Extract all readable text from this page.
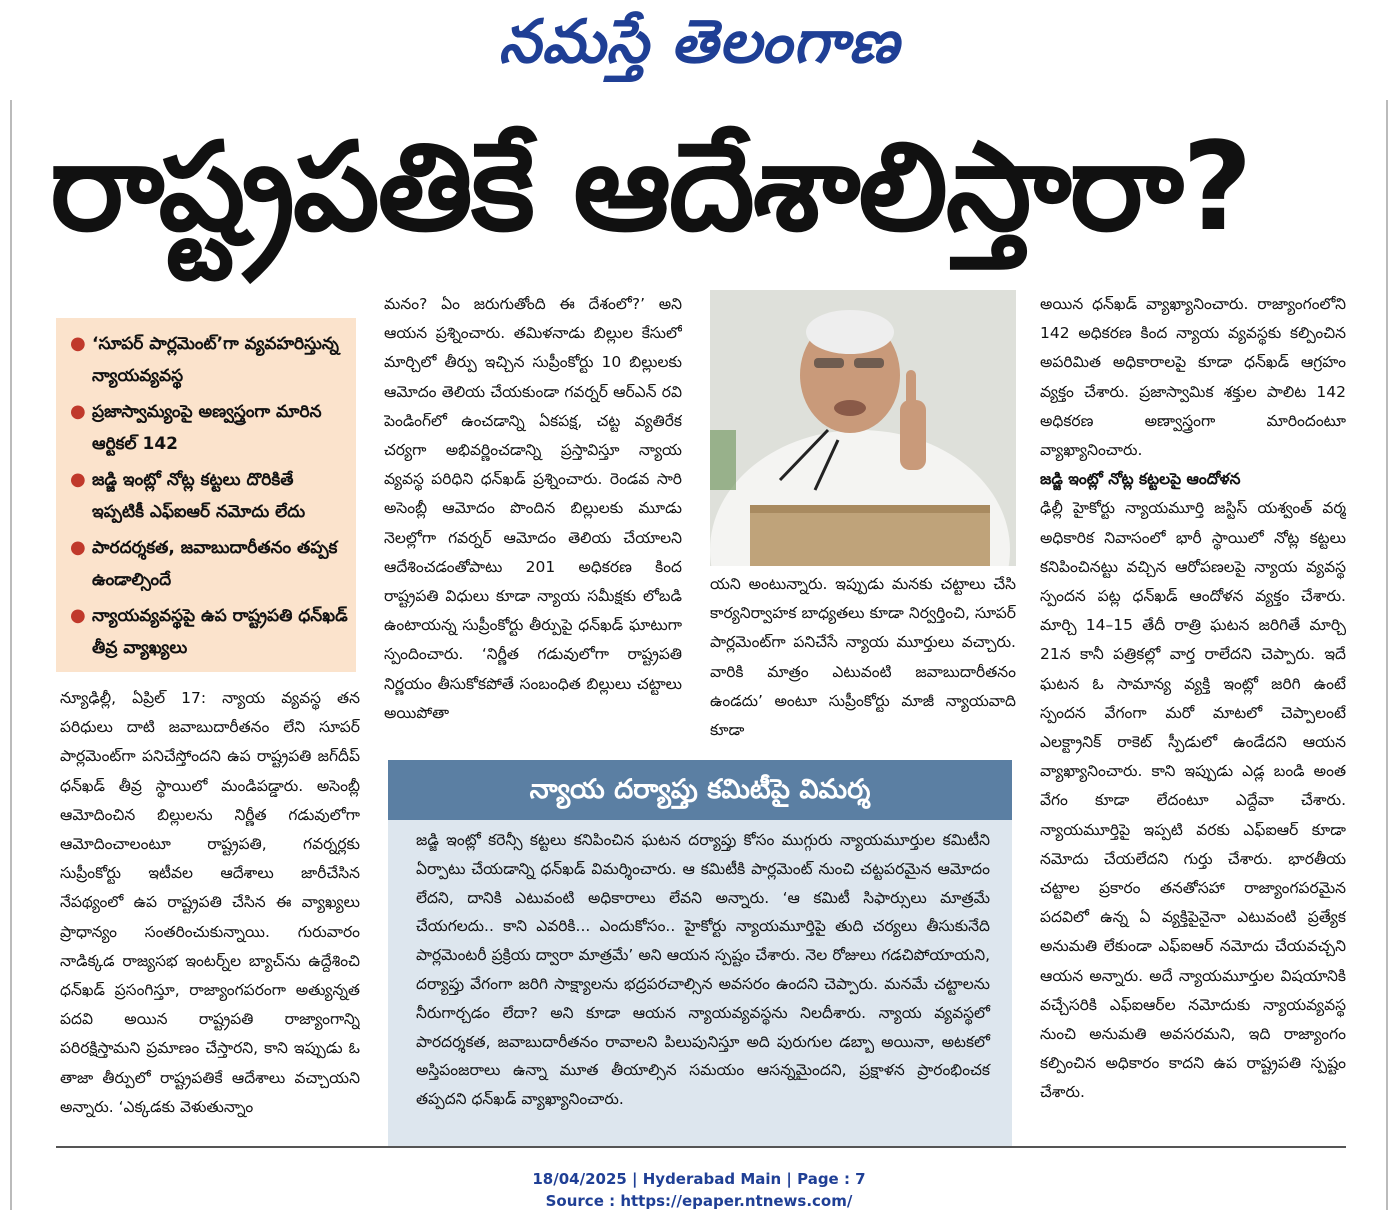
నమస్తే తెలంగాణ
రాష్ట్రపతికే ఆదేశాలిస్తారా?
● ‘సూపర్ పార్లమెంట్’గా వ్యవహరిస్తున్న న్యాయవ్యవస్థ
● ప్రజాస్వామ్యంపై అణ్వస్త్రంగా మారిన ఆర్టికల్ 142
● జడ్జి ఇంట్లో నోట్ల కట్టలు దొరికితే ఇప్పటికీ ఎఫ్ఐఆర్ నమోదు లేదు
● పారదర్శకత, జవాబుదారీతనం తప్పక ఉండాల్సిందే
● న్యాయవ్యవస్థపై ఉప రాష్ట్రపతి ధన్‌ఖడ్ తీవ్ర వ్యాఖ్యలు

న్యూఢిల్లీ, ఏప్రిల్ 17: న్యాయ వ్యవస్థ తన పరిధులు దాటి జవాబుదారీతనం లేని సూపర్ పార్లమెంట్‌గా పనిచేస్తోందని ఉప రాష్ట్రపతి జగ్‌దీప్ ధన్‌ఖడ్ తీవ్ర స్థాయిలో మండిపడ్డారు. అసెంబ్లీ ఆమోదించిన బిల్లులను నిర్ణీత గడువులోగా ఆమోదించాలంటూ రాష్ట్రపతి, గవర్నర్లకు సుప్రీంకోర్టు ఇటీవల ఆదేశాలు జారీచేసిన నేపథ్యంలో ఉప రాష్ట్రపతి చేసిన ఈ వ్యాఖ్యలు ప్రాధాన్యం సంతరించుకున్నాయి. గురువారం నాడిక్కడ రాజ్యసభ ఇంటర్న్‌ల బ్యాచ్‌ను ఉద్దేశించి ధన్‌ఖడ్ ప్రసంగిస్తూ, రాజ్యాంగపరంగా అత్యున్నత పదవి అయిన రాష్ట్రపతి రాజ్యాంగాన్ని పరిరక్షిస్తామని ప్రమాణం చేస్తారని, కాని ఇప్పుడు ఓ తాజా తీర్పులో రాష్ట్రపతికే ఆదేశాలు వచ్చాయని అన్నారు. ‘ఎక్కడకు వెళుతున్నాం

మనం? ఏం జరుగుతోంది ఈ దేశంలో?’ అని ఆయన ప్రశ్నించారు. తమిళనాడు బిల్లుల కేసులో మార్చిలో తీర్పు ఇచ్చిన సుప్రీంకోర్టు 10 బిల్లులకు ఆమోదం తెలియ చేయకుండా గవర్నర్ ఆర్‌ఎన్ రవి పెండింగ్‌లో ఉంచడాన్ని ఏకపక్ష, చట్ట వ్యతిరేక చర్యగా అభివర్ణించడాన్ని ప్రస్తావిస్తూ న్యాయ వ్యవస్థ పరిధిని ధన్‌ఖడ్ ప్రశ్నించారు. రెండవ సారి అసెంబ్లీ ఆమోదం పొందిన బిల్లులకు మూడు నెలల్లోగా గవర్నర్ ఆమోదం తెలియ చేయాలని ఆదేశించడంతోపాటు 201 అధికరణ కింద రాష్ట్రపతి విధులు కూడా న్యాయ సమీక్షకు లోబడి ఉంటాయన్న సుప్రీంకోర్టు తీర్పుపై ధన్‌ఖడ్ ఘాటుగా స్పందించారు. ‘నిర్ణీత గడువులోగా రాష్ట్రపతి నిర్ణయం తీసుకోకపోతే సంబంధిత బిల్లులు చట్టాలు అయిపోతా

యని అంటున్నారు. ఇప్పుడు మనకు చట్టాలు చేసి కార్యనిర్వాహక బాధ్యతలు కూడా నిర్వర్తించి, సూపర్ పార్లమెంట్‌గా పనిచేసే న్యాయ మూర్తులు వచ్చారు. వారికి మాత్రం ఎటువంటి జవాబుదారీతనం ఉండదు’ అంటూ సుప్రీంకోర్టు మాజీ న్యాయవాది కూడా

అయిన ధన్‌ఖడ్ వ్యాఖ్యానించారు. రాజ్యాంగంలోని 142 అధికరణ కింద న్యాయ వ్యవస్థకు కల్పించిన అపరిమిత అధికారాలపై కూడా ధన్‌ఖడ్ ఆగ్రహం వ్యక్తం చేశారు. ప్రజాస్వామిక శక్తుల పాలిట 142 అధికరణ అణ్వాస్త్రంగా మారిందంటూ వ్యాఖ్యానించారు.

జడ్జి ఇంట్లో నోట్ల కట్టలపై ఆందోళన

ఢిల్లీ హైకోర్టు న్యాయమూర్తి జస్టిస్ యశ్వంత్ వర్మ అధికారిక నివాసంలో భారీ స్థాయిలో నోట్ల కట్టలు కనిపించినట్టు వచ్చిన ఆరోపణలపై న్యాయ వ్యవస్థ స్పందన పట్ల ధన్‌ఖడ్ ఆందోళన వ్యక్తం చేశారు. మార్చి 14–15 తేదీ రాత్రి ఘటన జరిగితే మార్చి 21న కానీ పత్రికల్లో వార్త రాలేదని చెప్పారు. ఇదే ఘటన ఓ సామాన్య వ్యక్తి ఇంట్లో జరిగి ఉంటే స్పందన వేగంగా మరో మాటలో చెప్పాలంటే ఎలక్ట్రానిక్ రాకెట్ స్పీడులో ఉండేదని ఆయన వ్యాఖ్యానించారు. కాని ఇప్పుడు ఎడ్ల బండి అంత వేగం కూడా లేదంటూ ఎద్దేవా చేశారు. న్యాయమూర్తిపై ఇప్పటి వరకు ఎఫ్ఐఆర్ కూడా నమోదు చేయలేదని గుర్తు చేశారు. భారతీయ చట్టాల ప్రకారం తనతోసహా రాజ్యాంగపరమైన పదవిలో ఉన్న ఏ వ్యక్తిపైనైనా ఎటువంటి ప్రత్యేక అనుమతి లేకుండా ఎఫ్ఐఆర్ నమోదు చేయవచ్చని ఆయన అన్నారు. అదే న్యాయమూర్తుల విషయానికి వచ్చేసరికి ఎఫ్ఐఆర్‌ల నమోదుకు న్యాయవ్యవస్థ నుంచి అనుమతి అవసరమని, ఇది రాజ్యాంగం కల్పించిన అధికారం కాదని ఉప రాష్ట్రపతి స్పష్టం చేశారు.

న్యాయ దర్యాప్తు కమిటీపై విమర్శ
జడ్జి ఇంట్లో కరెన్సీ కట్టలు కనిపించిన ఘటన దర్యాప్తు కోసం ముగ్గురు న్యాయమూర్తుల కమిటీని ఏర్పాటు చేయడాన్ని ధన్‌ఖడ్ విమర్శించారు. ఆ కమిటీకి పార్లమెంట్ నుంచి చట్టపరమైన ఆమోదం లేదని, దానికి ఎటువంటి అధికారాలు లేవని అన్నారు. ‘ఆ కమిటీ సిఫార్సులు మాత్రమే చేయగలదు.. కాని ఎవరికి... ఎందుకోసం.. హైకోర్టు న్యాయమూర్తిపై తుది చర్యలు తీసుకునేది పార్లమెంటరీ ప్రక్రియ ద్వారా మాత్రమే’ అని ఆయన స్పష్టం చేశారు. నెల రోజులు గడచిపోయాయని, దర్యాప్తు వేగంగా జరిగి సాక్ష్యాలను భద్రపరచాల్సిన అవసరం ఉందని చెప్పారు. మనమే చట్టాలను నీరుగార్చడం లేదా? అని కూడా ఆయన న్యాయవ్యవస్థను నిలదీశారు. న్యాయ వ్యవస్థలో పారదర్శకత, జవాబుదారీతనం రావాలని పిలుపునిస్తూ అది పురుగుల డబ్బా అయినా, అటకలో అస్తిపంజరాలు ఉన్నా మూత తీయాల్సిన సమయం ఆసన్నమైందని, ప్రక్షాళన ప్రారంభించక తప్పదని ధన్‌ఖడ్ వ్యాఖ్యానించారు.
18/04/2025 | Hyderabad Main | Page : 7
Source : https://epaper.ntnews.com/
